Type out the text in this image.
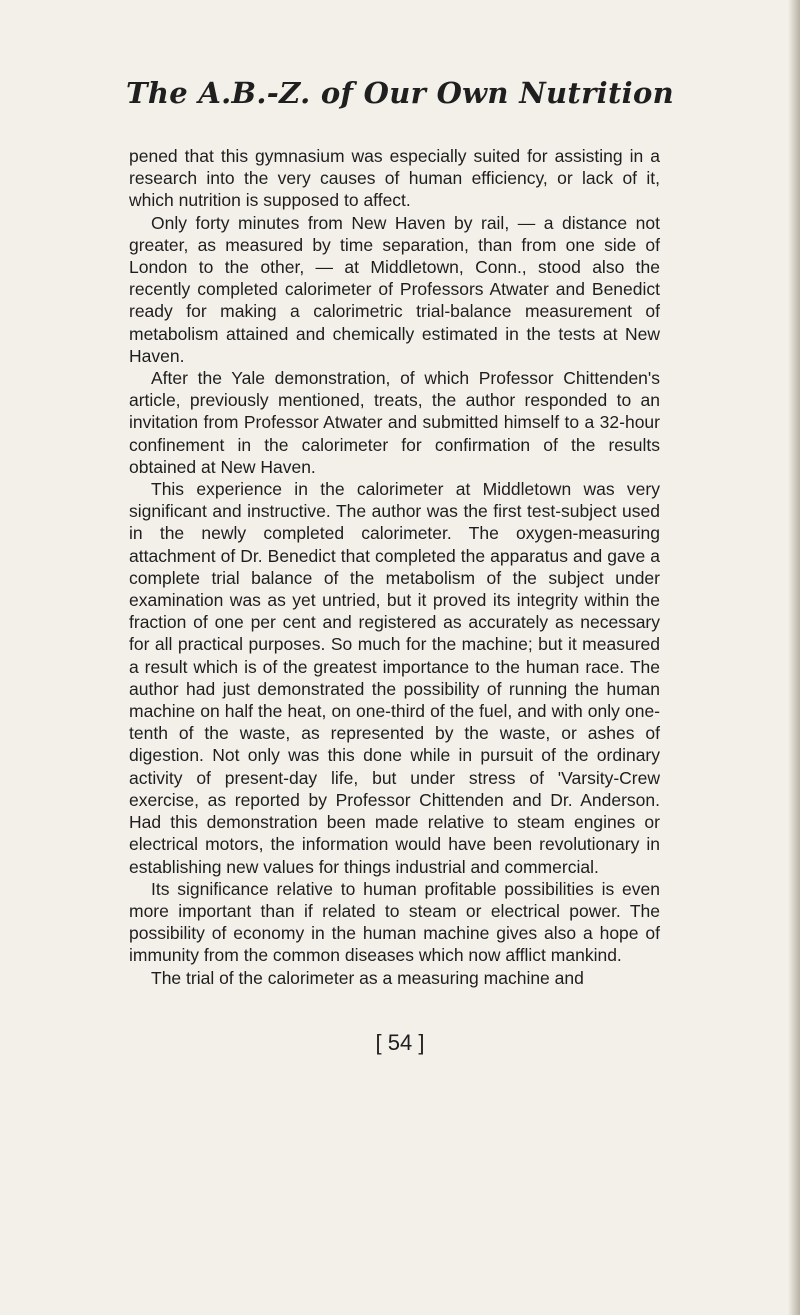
The A.B.-Z. of Our Own Nutrition

pened that this gymnasium was especially suited for assisting in a research into the very causes of human efficiency, or lack of it, which nutrition is supposed to affect.

Only forty minutes from New Haven by rail, — a distance not greater, as measured by time separation, than from one side of London to the other, — at Middletown, Conn., stood also the recently completed calorimeter of Professors Atwater and Benedict ready for making a calorimetric trial-balance measurement of metabolism attained and chemically estimated in the tests at New Haven.

After the Yale demonstration, of which Professor Chittenden's article, previously mentioned, treats, the author responded to an invitation from Professor Atwater and submitted himself to a 32-hour confinement in the calorimeter for confirmation of the results obtained at New Haven.

This experience in the calorimeter at Middletown was very significant and instructive. The author was the first test-subject used in the newly completed calorimeter. The oxygen-measuring attachment of Dr. Benedict that completed the apparatus and gave a complete trial balance of the metabolism of the subject under examination was as yet untried, but it proved its integrity within the fraction of one per cent and registered as accurately as necessary for all practical purposes. So much for the machine; but it measured a result which is of the greatest importance to the human race. The author had just demonstrated the possibility of running the human machine on half the heat, on one-third of the fuel, and with only one-tenth of the waste, as represented by the waste, or ashes of digestion. Not only was this done while in pursuit of the ordinary activity of present-day life, but under stress of 'Varsity-Crew exercise, as reported by Professor Chittenden and Dr. Anderson. Had this demonstration been made relative to steam engines or electrical motors, the information would have been revolutionary in establishing new values for things industrial and commercial.

Its significance relative to human profitable possibilities is even more important than if related to steam or electrical power. The possibility of economy in the human machine gives also a hope of immunity from the common diseases which now afflict mankind.

The trial of the calorimeter as a measuring machine and

[ 54 ]
